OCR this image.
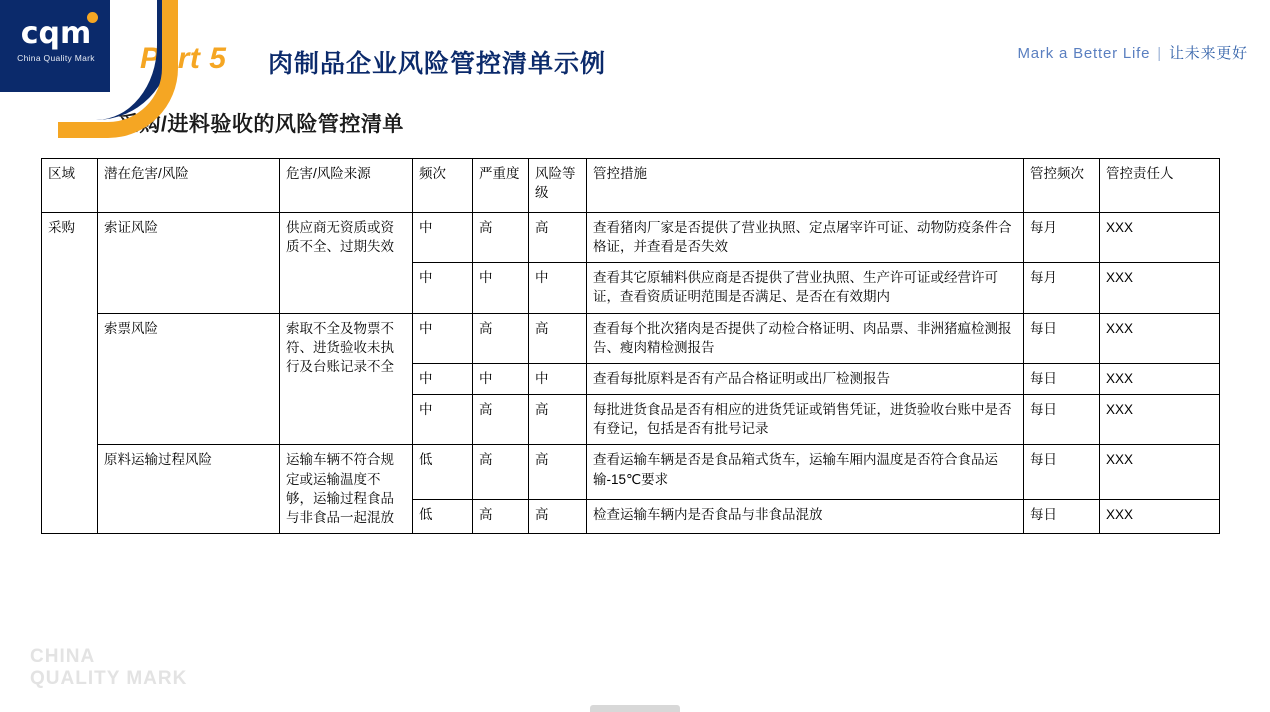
cqm
China Quality Mark Part 5 肉制品企业风险管控清单示例	Mark a Better Life | 让未来更好
采购/进料验收的风险管控清单
区域	潜在危害/风险	危害/风险来源	频次	严重度	风险等级	管控措施	管控频次	管控责任人
采购	索证风险	供应商无资质或资质不全、过期失效	中	高	高	查看猪肉厂家是否提供了营业执照、定点屠宰许可证、动物防疫条件合格证，并查看是否失效	每月	XXX
			中	中	中	查看其它原辅料供应商是否提供了营业执照、生产许可证或经营许可证，查看资质证明范围是否满足、是否在有效期内	每月	XXX
	索票风险	索取不全及物票不符、进货验收未执行及台账记录不全	中	高	高	查看每个批次猪肉是否提供了动检合格证明、肉品票、非洲猪瘟检测报告、瘦肉精检测报告	每日	XXX
			中	中	中	查看每批原料是否有产品合格证明或出厂检测报告	每日	XXX
			中	高	高	每批进货食品是否有相应的进货凭证或销售凭证，进货验收台账中是否有登记，包括是否有批号记录	每日	XXX
	原料运输过程风险	运输车辆不符合规定或运输温度不够，运输过程食品与非食品一起混放	低	高	高	查看运输车辆是否是食品箱式货车，运输车厢内温度是否符合食品运输-15℃要求	每日	XXX
			低	高	高	检查运输车辆内是否食品与非食品混放	每日	XXX
CHINA
QUALITY MARK
